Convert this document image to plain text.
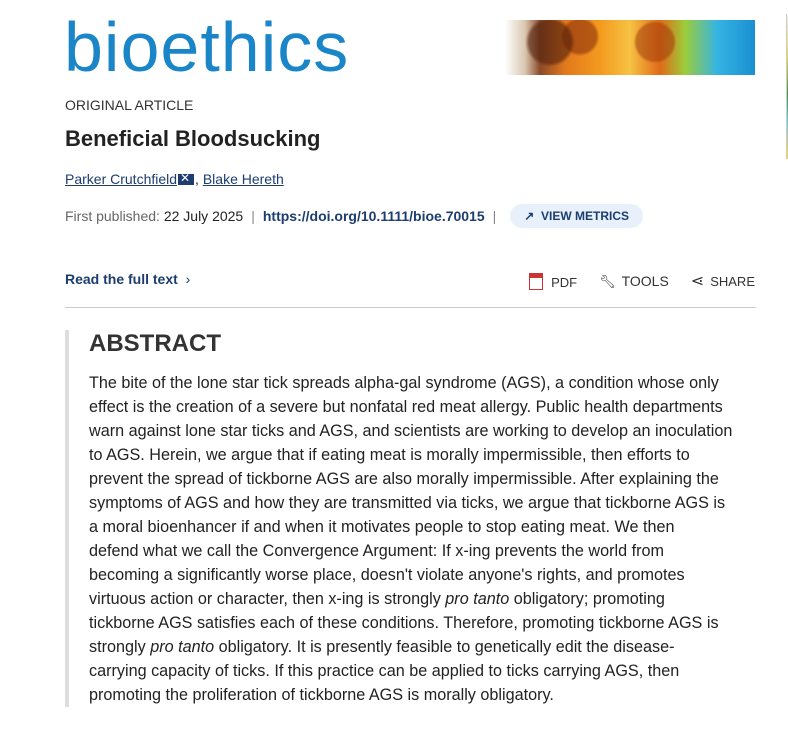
bioethics
ORIGINAL ARTICLE
Beneficial Bloodsucking
Parker Crutchfield ✕ , Blake Hereth
First published:
22 July 2025 | https://doi.org/10.1111/bioe.70015 |	↗  VIEW METRICS
Read the full text ›	PDF 🔧︎ TOOLS ⋖ SHARE
ABSTRACT
The bite of the lone star tick spreads alpha-gal syndrome (AGS), a condition whose only
effect is the creation of a severe but nonfatal red meat allergy. Public health departments
warn against lone star ticks and AGS, and scientists are working to develop an inoculation
to AGS. Herein, we argue that if eating meat is morally impermissible, then efforts to
prevent the spread of tickborne AGS are also morally impermissible. After explaining the
symptoms of AGS and how they are transmitted via ticks, we argue that tickborne AGS is
a moral bioenhancer if and when it motivates people to stop eating meat. We then
defend what we call the Convergence Argument: If x-ing prevents the world from
becoming a significantly worse place, doesn't violate anyone's rights, and promotes
virtuous action or character, then x-ing is strongly pro tanto obligatory; promoting
tickborne AGS satisfies each of these conditions. Therefore, promoting tickborne AGS is
strongly pro tanto obligatory. It is presently feasible to genetically edit the disease-
carrying capacity of ticks. If this practice can be applied to ticks carrying AGS, then
promoting the proliferation of tickborne AGS is morally obligatory.
